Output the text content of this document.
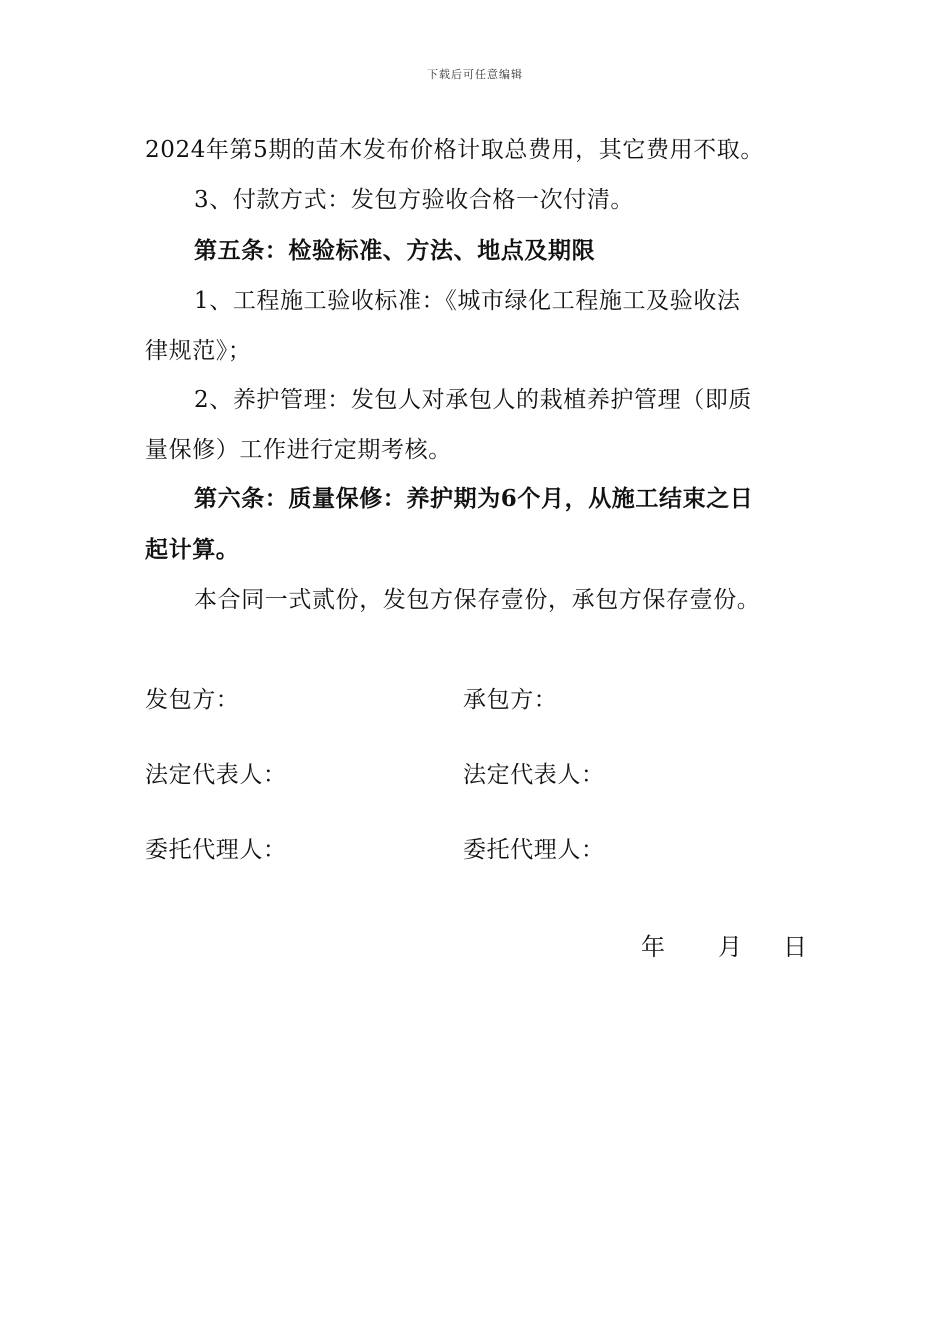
下载后可任意编辑
2024年第5期的苗木发布价格计取总费用，其它费用不取。
3、付款方式：发包方验收合格一次付清。
第五条：检验标准、方法、地点及期限
1、工程施工验收标准：《城市绿化工程施工及验收法
律规范》；
2、养护管理：发包人对承包人的栽植养护管理（即质
量保修）工作进行定期考核。
第六条：质量保修：养护期为6个月，从施工结束之日
起计算。
本合同一式贰份，发包方保存壹份，承包方保存壹份。
发包方：	承包方：
法定代表人：	法定代表人：
委托代理人：	委托代理人：
年 月 日
